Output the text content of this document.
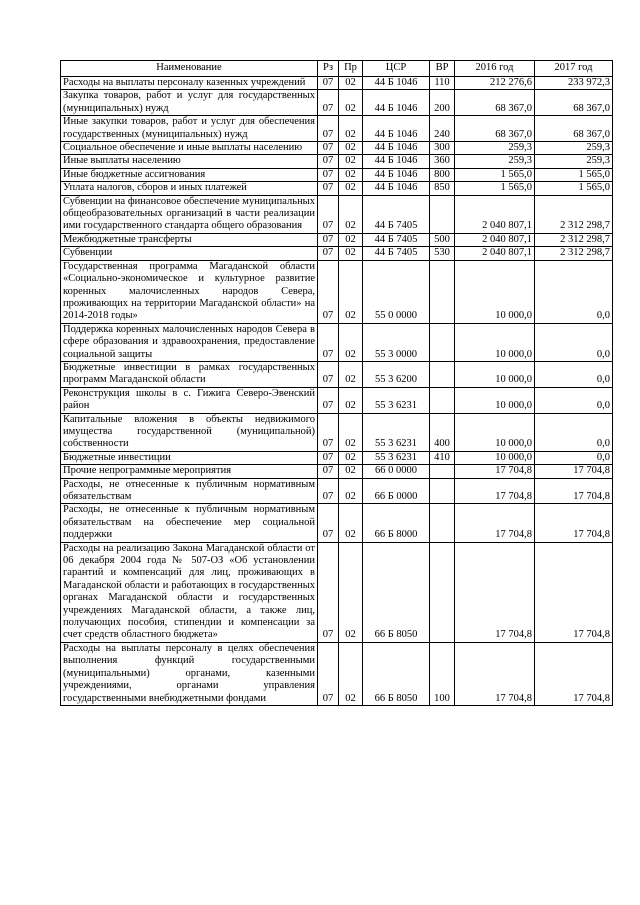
Наименование	Рз	Пр	ЦСР	ВР	2016 год	2017 год
Расходы на выплаты персоналу казенных учреждений	07	02	44 Б 1046	110	212 276,6	233 972,3
Закупка товаров, работ и услуг для государственных (муниципальных) нужд	07	02	44 Б 1046	200	68 367,0	68 367,0
Иные закупки товаров, работ и услуг для обеспечения государственных (муниципальных) нужд	07	02	44 Б 1046	240	68 367,0	68 367,0
Социальное обеспечение и иные выплаты населению	07	02	44 Б 1046	300	259,3	259,3
Иные выплаты населению	07	02	44 Б 1046	360	259,3	259,3
Иные бюджетные ассигнования	07	02	44 Б 1046	800	1 565,0	1 565,0
Уплата налогов, сборов и иных платежей	07	02	44 Б 1046	850	1 565,0	1 565,0
Субвенции на финансовое обеспечение муниципальных общеобразовательных организаций в части реализации ими государственного стандарта общего образования	07	02	44 Б 7405		2 040 807,1	2 312 298,7
Межбюджетные трансферты	07	02	44 Б 7405	500	2 040 807,1	2 312 298,7
Субвенции	07	02	44 Б 7405	530	2 040 807,1	2 312 298,7
Государственная программа Магаданской области «Социально-экономическое и культурное развитие коренных малочисленных народов Севера, проживающих на территории Магаданской области» на 2014-2018 годы»	07	02	55 0 0000		10 000,0	0,0
Поддержка коренных малочисленных народов Севера в сфере образования и здравоохранения, предоставление социальной защиты	07	02	55 3 0000		10 000,0	0,0
Бюджетные инвестиции в рамках государственных программ Магаданской области	07	02	55 3 6200		10 000,0	0,0
Реконструкция школы в с. Гижига Северо-Эвенский район	07	02	55 3 6231		10 000,0	0,0
Капитальные вложения в объекты недвижимого имущества государственной (муниципальной) собственности	07	02	55 3 6231	400	10 000,0	0,0
Бюджетные инвестиции	07	02	55 3 6231	410	10 000,0	0,0
Прочие непрограммные мероприятия	07	02	66 0 0000		17 704,8	17 704,8
Расходы, не отнесенные к публичным нормативным обязательствам	07	02	66 Б 0000		17 704,8	17 704,8
Расходы, не отнесенные к публичным нормативным обязательствам на обеспечение мер социальной поддержки	07	02	66 Б 8000		17 704,8	17 704,8
Расходы на реализацию Закона Магаданской области от 06 декабря 2004 года № 507-ОЗ «Об установлении гарантий и компенсаций для лиц, проживающих в Магаданской области и работающих в государственных органах Магаданской области и государственных учреждениях Магаданской области, а также лиц, получающих пособия, стипендии и компенсации за счет средств областного бюджета»	07	02	66 Б 8050		17 704,8	17 704,8
Расходы на выплаты персоналу в целях обеспечения выполнения функций государственными (муниципальными) органами, казенными учреждениями, органами управления государственными внебюджетными фондами	07	02	66 Б 8050	100	17 704,8	17 704,8
